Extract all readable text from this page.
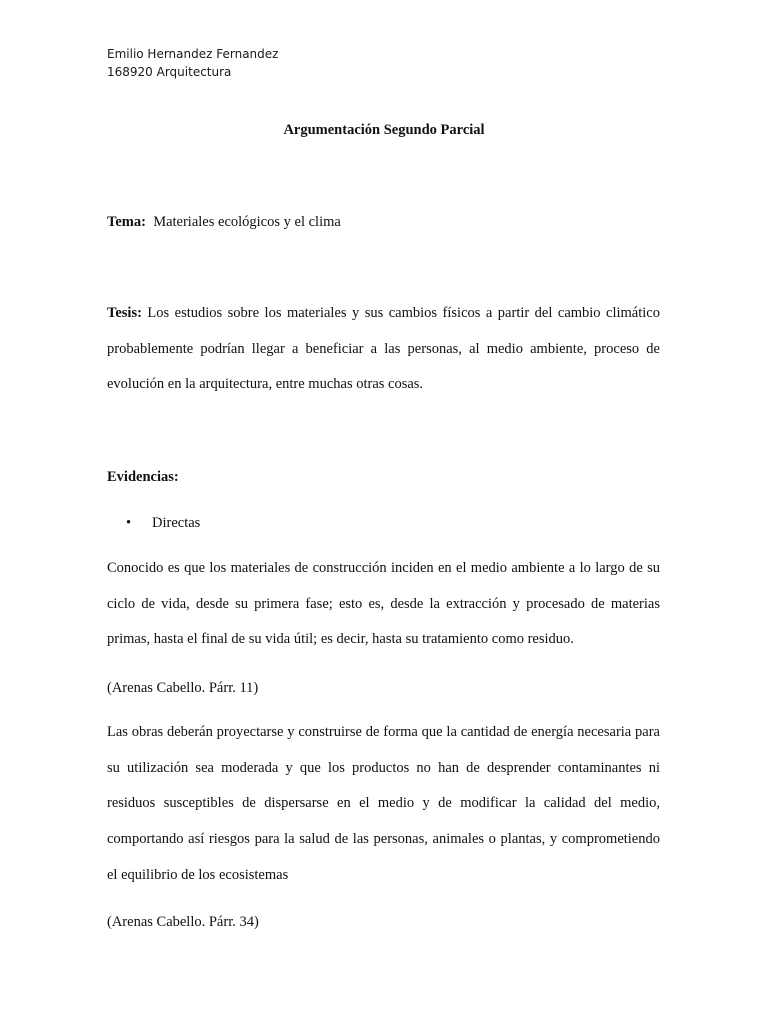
Emilio Hernandez Fernandez
168920 Arquitectura
Argumentación Segundo Parcial
Tema: Materiales ecológicos y el clima
Tesis: Los estudios sobre los materiales y sus cambios físicos a partir del cambio climático probablemente podrían llegar a beneficiar a las personas, al medio ambiente, proceso de evolución en la arquitectura, entre muchas otras cosas.
Evidencias:
• Directas
Conocido es que los materiales de construcción inciden en el medio ambiente a lo largo de su ciclo de vida, desde su primera fase; esto es, desde la extracción y procesado de materias primas, hasta el final de su vida útil; es decir, hasta su tratamiento como residuo.
(Arenas Cabello. Párr. 11)
Las obras deberán proyectarse y construirse de forma que la cantidad de energía necesaria para su utilización sea moderada y que los productos no han de desprender contaminantes ni residuos susceptibles de dispersarse en el medio y de modificar la calidad del medio, comportando así riesgos para la salud de las personas, animales o plantas, y comprometiendo el equilibrio de los ecosistemas
(Arenas Cabello. Párr. 34)
